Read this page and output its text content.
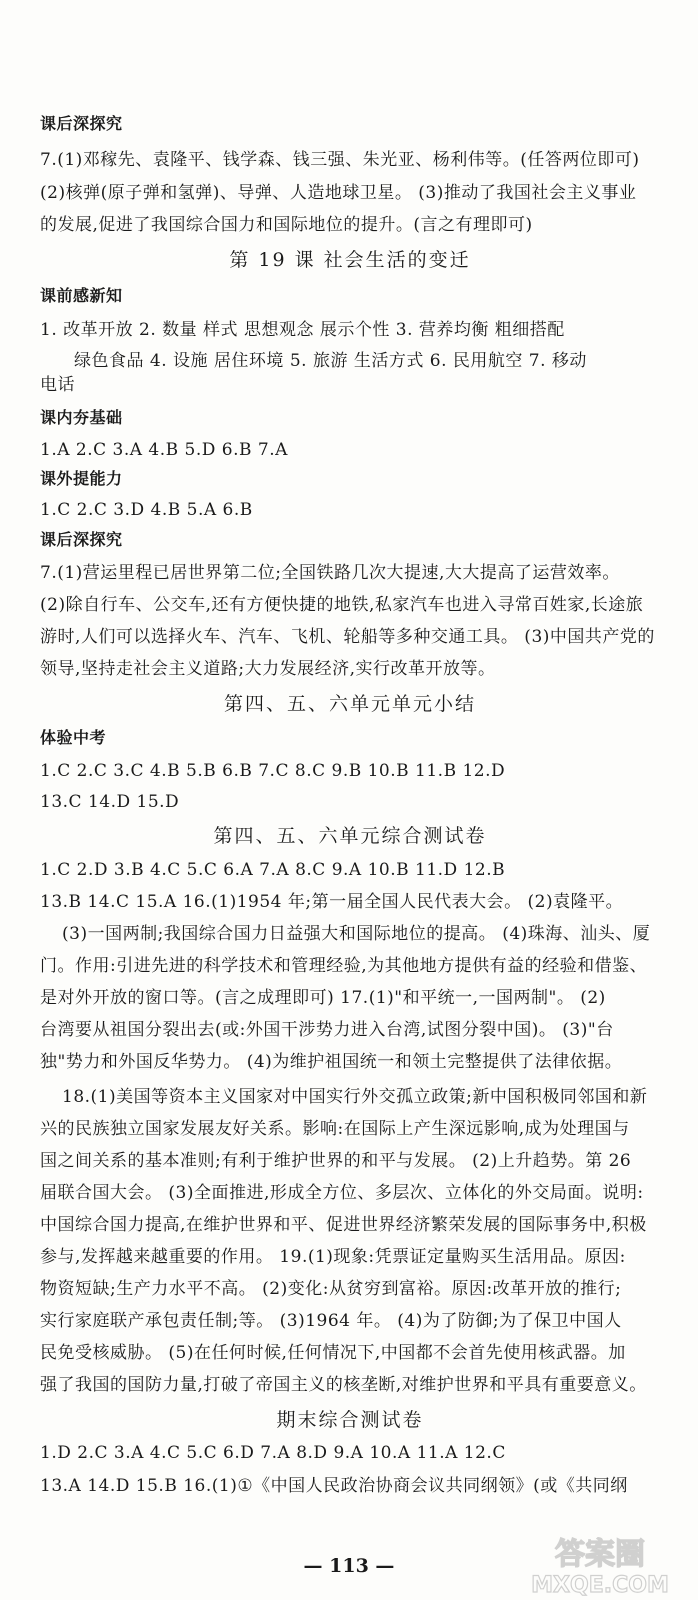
课后深探究
7.(1)邓稼先、袁隆平、钱学森、钱三强、朱光亚、杨利伟等。(任答两位即可)
(2)核弹(原子弹和氢弹)、导弹、人造地球卫星。 (3)推动了我国社会主义事业
的发展,促进了我国综合国力和国际地位的提升。(言之有理即可)
第 19 课 社会生活的变迁
课前感新知
1. 改革开放 2. 数量 样式 思想观念 展示个性 3. 营养均衡 粗细搭配
绿色食品 4. 设施 居住环境 5. 旅游 生活方式 6. 民用航空 7. 移动
电话
课内夯基础
1.A 2.C 3.A 4.B 5.D 6.B 7.A
课外提能力
1.C 2.C 3.D 4.B 5.A 6.B
课后深探究
7.(1)营运里程已居世界第二位;全国铁路几次大提速,大大提高了运营效率。
(2)除自行车、公交车,还有方便快捷的地铁,私家汽车也进入寻常百姓家,长途旅
游时,人们可以选择火车、汽车、飞机、轮船等多种交通工具。 (3)中国共产党的
领导,坚持走社会主义道路;大力发展经济,实行改革开放等。
第四、五、六单元单元小结
体验中考
1.C 2.C 3.C 4.B 5.B 6.B 7.C 8.C 9.B 10.B 11.B 12.D
13.C 14.D 15.D
第四、五、六单元综合测试卷
1.C 2.D 3.B 4.C 5.C 6.A 7.A 8.C 9.A 10.B 11.D 12.B
13.B 14.C 15.A 16.(1)1954 年;第一届全国人民代表大会。 (2)袁隆平。
(3)一国两制;我国综合国力日益强大和国际地位的提高。 (4)珠海、汕头、厦
门。作用:引进先进的科学技术和管理经验,为其他地方提供有益的经验和借鉴、
是对外开放的窗口等。(言之成理即可) 17.(1)"和平统一,一国两制"。 (2)
台湾要从祖国分裂出去(或:外国干涉势力进入台湾,试图分裂中国)。 (3)"台
独"势力和外国反华势力。 (4)为维护祖国统一和领土完整提供了法律依据。
18.(1)美国等资本主义国家对中国实行外交孤立政策;新中国积极同邻国和新
兴的民族独立国家发展友好关系。影响:在国际上产生深远影响,成为处理国与
国之间关系的基本准则;有利于维护世界的和平与发展。 (2)上升趋势。第 26
届联合国大会。 (3)全面推进,形成全方位、多层次、立体化的外交局面。说明:
中国综合国力提高,在维护世界和平、促进世界经济繁荣发展的国际事务中,积极
参与,发挥越来越重要的作用。 19.(1)现象:凭票证定量购买生活用品。原因:
物资短缺;生产力水平不高。 (2)变化:从贫穷到富裕。原因:改革开放的推行;
实行家庭联产承包责任制;等。 (3)1964 年。 (4)为了防御;为了保卫中国人
民免受核威胁。 (5)在任何时候,任何情况下,中国都不会首先使用核武器。加
强了我国的国防力量,打破了帝国主义的核垄断,对维护世界和平具有重要意义。
期末综合测试卷
1.D 2.C 3.A 4.C 5.C 6.D 7.A 8.D 9.A 10.A 11.A 12.C
13.A 14.D 15.B 16.(1)①《中国人民政治协商会议共同纲领》(或《共同纲
— 113 —	答案圈
MXQE.COM
